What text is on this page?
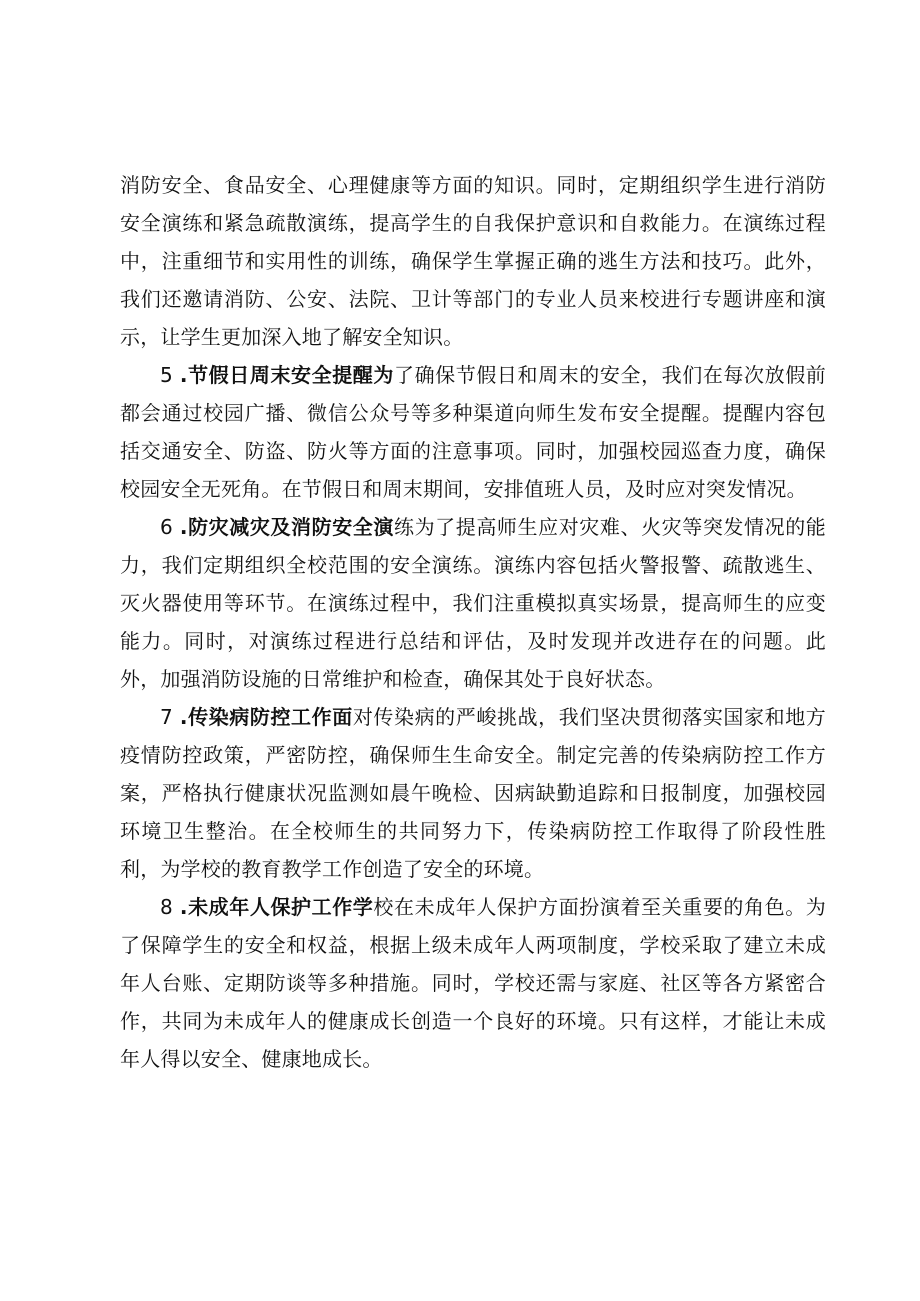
消防安全、食品安全、心理健康等方面的知识。同时，定期组织学生进行消防安全演练和紧急疏散演练，提高学生的自我保护意识和自救能力。在演练过程中，注重细节和实用性的训练，确保学生掌握正确的逃生方法和技巧。此外，我们还邀请消防、公安、法院、卫计等部门的专业人员来校进行专题讲座和演示，让学生更加深入地了解安全知识。

5 .节假日周末安全提醒为了确保节假日和周末的安全，我们在每次放假前都会通过校园广播、微信公众号等多种渠道向师生发布安全提醒。提醒内容包括交通安全、防盗、防火等方面的注意事项。同时，加强校园巡查力度，确保校园安全无死角。在节假日和周末期间，安排值班人员，及时应对突发情况。

6 .防灾减灾及消防安全演练为了提高师生应对灾难、火灾等突发情况的能力，我们定期组织全校范围的安全演练。演练内容包括火警报警、疏散逃生、灭火器使用等环节。在演练过程中，我们注重模拟真实场景，提高师生的应变能力。同时，对演练过程进行总结和评估，及时发现并改进存在的问题。此外，加强消防设施的日常维护和检查，确保其处于良好状态。

7 .传染病防控工作面对传染病的严峻挑战，我们坚决贯彻落实国家和地方疫情防控政策，严密防控，确保师生生命安全。制定完善的传染病防控工作方案，严格执行健康状况监测如晨午晚检、因病缺勤追踪和日报制度，加强校园环境卫生整治。在全校师生的共同努力下，传染病防控工作取得了阶段性胜利，为学校的教育教学工作创造了安全的环境。

8 .未成年人保护工作学校在未成年人保护方面扮演着至关重要的角色。为了保障学生的安全和权益，根据上级未成年人两项制度，学校采取了建立未成年人台账、定期防谈等多种措施。同时，学校还需与家庭、社区等各方紧密合作，共同为未成年人的健康成长创造一个良好的环境。只有这样，才能让未成年人得以安全、健康地成长。
